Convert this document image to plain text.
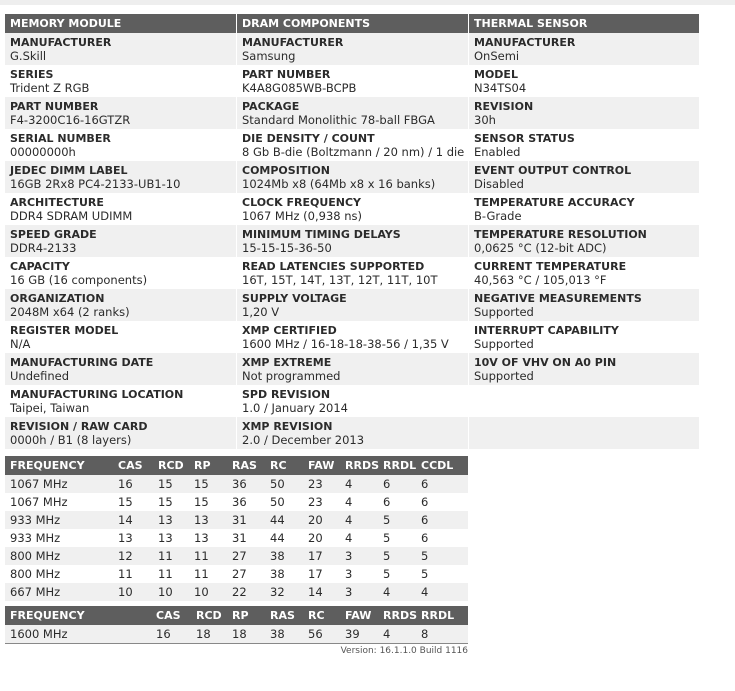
MEMORY MODULE
MANUFACTURER
G.Skill
SERIES
Trident Z RGB
PART NUMBER
F4-3200C16-16GTZR
SERIAL NUMBER
00000000h
JEDEC DIMM LABEL
16GB 2Rx8 PC4-2133-UB1-10
ARCHITECTURE
DDR4 SDRAM UDIMM
SPEED GRADE
DDR4-2133
CAPACITY
16 GB (16 components)
ORGANIZATION
2048M x64 (2 ranks)
REGISTER MODEL
N/A
MANUFACTURING DATE
Undefined
MANUFACTURING LOCATION
Taipei, Taiwan
REVISION / RAW CARD
0000h / B1 (8 layers)
DRAM COMPONENTS
MANUFACTURER
Samsung
PART NUMBER
K4A8G085WB-BCPB
PACKAGE
Standard Monolithic 78-ball FBGA
DIE DENSITY / COUNT
8 Gb B-die (Boltzmann / 20 nm) / 1 die
COMPOSITION
1024Mb x8 (64Mb x8 x 16 banks)
CLOCK FREQUENCY
1067 MHz (0,938 ns)
MINIMUM TIMING DELAYS
15-15-15-36-50
READ LATENCIES SUPPORTED
16T, 15T, 14T, 13T, 12T, 11T, 10T
SUPPLY VOLTAGE
1,20 V
XMP CERTIFIED
1600 MHz / 16-18-18-38-56 / 1,35 V
XMP EXTREME
Not programmed
SPD REVISION
1.0 / January 2014
XMP REVISION
2.0 / December 2013
THERMAL SENSOR
MANUFACTURER
OnSemi
MODEL
N34TS04
REVISION
30h
SENSOR STATUS
Enabled
EVENT OUTPUT CONTROL
Disabled
TEMPERATURE ACCURACY
B-Grade
TEMPERATURE RESOLUTION
0,0625 °C (12-bit ADC)
CURRENT TEMPERATURE
40,563 °C / 105,013 °F
NEGATIVE MEASUREMENTS
Supported
INTERRUPT CAPABILITY
Supported
10V OF VHV ON A0 PIN
Supported
FREQUENCY	CAS	RCD	RP	RAS	RC	FAW	RRDS	RRDL	CCDL
1067 MHz	16	15	15	36	50	23	4	6	6
1067 MHz	15	15	15	36	50	23	4	6	6
933 MHz	14	13	13	31	44	20	4	5	6
933 MHz	13	13	13	31	44	20	4	5	6
800 MHz	12	11	11	27	38	17	3	5	5
800 MHz	11	11	11	27	38	17	3	5	5
667 MHz	10	10	10	22	32	14	3	4	4
FREQUENCY	CAS	RCD	RP	RAS	RC	FAW	RRDS	RRDL
1600 MHz	16	18	18	38	56	39	4	8
Version: 16.1.1.0 Build 1116
